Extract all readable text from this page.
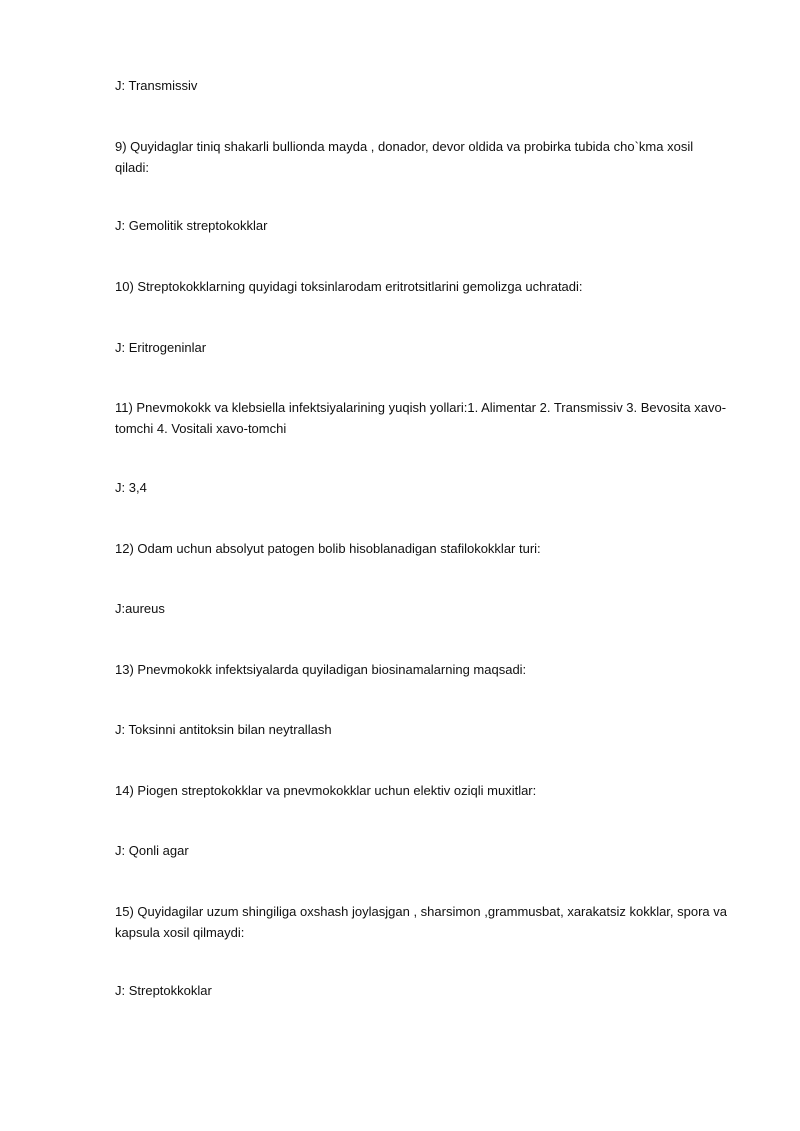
J: Transmissiv

9) Quyidaglar tiniq shakarli bullionda mayda , donador, devor oldida va probirka tubida cho`kma xosil qiladi:

J: Gemolitik streptokokklar

10) Streptokokklarning quyidagi toksinlarodam eritrotsitlarini gemolizga uchratadi:

J: Eritrogeninlar

11) Pnevmokokk va klebsiella infektsiyalarining yuqish yollari:1. Alimentar 2. Transmissiv 3. Bevosita xavo-tomchi 4. Vositali xavo-tomchi

J: 3,4

12) Odam uchun absolyut patogen bolib hisoblanadigan stafilokokklar turi:

J:aureus

13) Pnevmokokk infektsiyalarda quyiladigan biosinamalarning maqsadi:

J: Toksinni antitoksin bilan neytrallash

14) Piogen streptokokklar va pnevmokokklar uchun elektiv oziqli muxitlar:

J: Qonli agar

15) Quyidagilar uzum shingiliga oxshash joylasjgan , sharsimon ,grammusbat, xarakatsiz kokklar, spora va kapsula xosil qilmaydi:

J: Streptokkoklar
